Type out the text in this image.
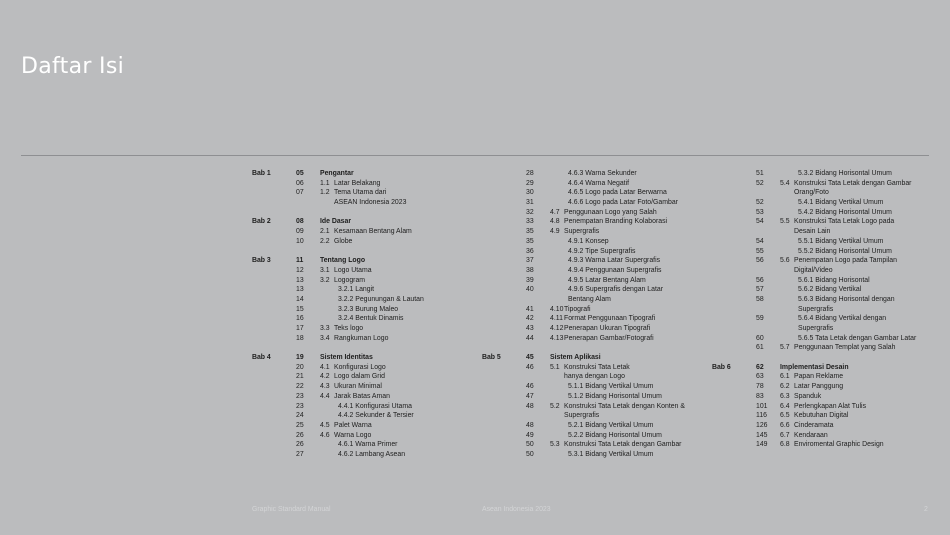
Daftar Isi
Bab 1	05 Pengantar
06 1.1 Latar Belakang
07 1.2 Tema Utama dari
ASEAN Indonesia 2023
Bab 2	08 Ide Dasar
09 2.1 Kesamaan Bentang Alam
10 2.2 Globe
Bab 3	11 Tentang Logo
12 3.1 Logo Utama
13 3.2 Logogram
13	3.2.1 Langit
14	3.2.2 Pegunungan & Lautan
15	3.2.3 Burung Maleo
16	3.2.4 Bentuk Dinamis
17 3.3 Teks logo
18 3.4 Rangkuman Logo
Bab 4	19 Sistem Identitas
20 4.1 Konfigurasi Logo
21 4.2 Logo dalam Grid
22 4.3 Ukuran Minimal
23 4.4 Jarak Batas Aman
23	4.4.1 Konfigurasi Utama
24	4.4.2 Sekunder & Tersier
25 4.5 Palet Warna
26 4.6 Warna Logo
26	4.6.1 Warna Primer
27	4.6.2 Lambang Asean
28	4.6.3 Warna Sekunder
29	4.6.4 Warna Negatif
30	4.6.5 Logo pada Latar Berwarna
31	4.6.6 Logo pada Latar Foto/Gambar
32 4.7 Penggunaan Logo yang Salah
33 4.8 Penempatan Branding Kolaborasi
35 4.9 Supergrafis
35	4.9.1 Konsep
36	4.9.2 Tipe Supergrafis
37	4.9.3 Warna Latar Supergrafis
38	4.9.4 Penggunaan Supergrafis
39	4.9.5 Latar Bentang Alam
40	4.9.6 Supergrafis dengan Latar
Bentang Alam
41 4.10 Tipografi
42 4.11 Format Penggunaan Tipografi
43 4.12 Penerapan Ukuran Tipografi
44 4.13 Penerapan Gambar/Fotografi
Bab 5	45 Sistem Aplikasi
46 5.1 Konstruksi Tata Letak
hanya dengan Logo
46	5.1.1 Bidang Vertikal Umum
47	5.1.2 Bidang Horisontal Umum
48 5.2 Konstruksi Tata Letak dengan Konten &
Supergrafis
48	5.2.1 Bidang Vertikal Umum
49	5.2.2 Bidang Horisontal Umum
50 5.3 Konstruksi Tata Letak dengan Gambar
50	5.3.1 Bidang Vertikal Umum
51	5.3.2 Bidang Horisontal Umum
52 5.4 Konstruksi Tata Letak dengan Gambar
Orang/Foto
52	5.4.1 Bidang Vertikal Umum
53	5.4.2 Bidang Horisontal Umum
54 5.5 Konstruksi Tata Letak Logo pada
Desain Lain
54	5.5.1 Bidang Vertikal Umum
55	5.5.2 Bidang Horisontal Umum
56 5.6 Penempatan Logo pada Tampilan
Digital/Video
56	5.6.1 Bidang Horisontal
57	5.6.2 Bidang Vertikal
58	5.6.3 Bidang Horisontal dengan
Supergrafis
59	5.6.4 Bidang Vertikal dengan
Supergrafis
60	5.6.5 Tata Letak dengan Gambar Latar
61 5.7 Penggunaan Templat yang Salah
Bab 6	62 Implementasi Desain
63 6.1 Papan Reklame
78 6.2 Latar Panggung
83 6.3 Spanduk
101 6.4 Perlengkapan Alat Tulis
116 6.5 Kebutuhan Digital
126 6.6 Cinderamata
145 6.7 Kendaraan
149 6.8 Enviromental Graphic Design
Graphic Standard Manual	Asean Indonesia 2023	2
